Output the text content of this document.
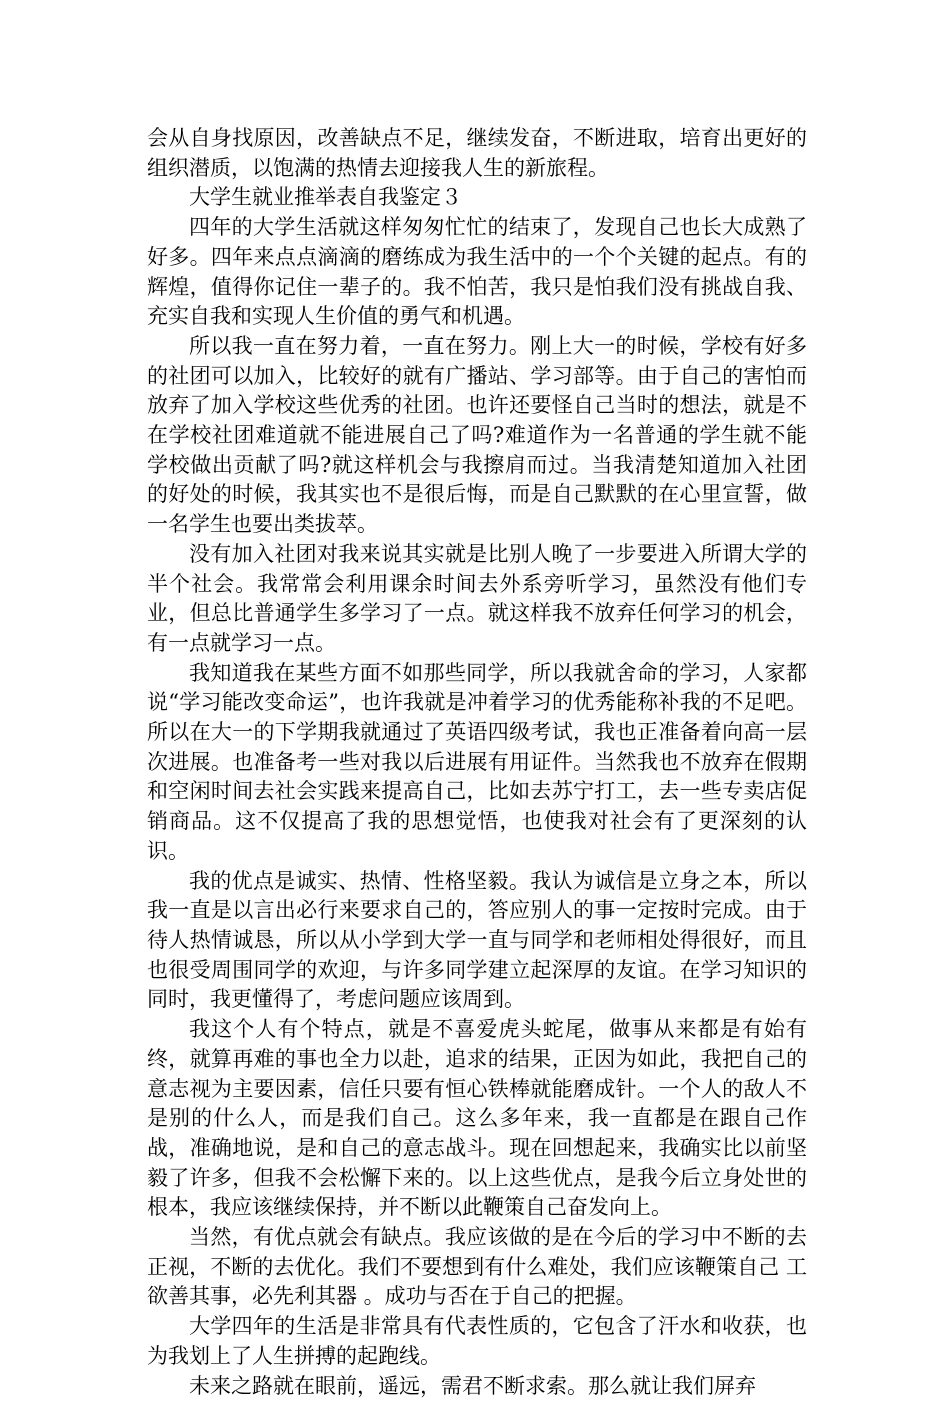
会从自身找原因，改善缺点不足，继续发奋，不断进取，培育出更好的组织潜质，以饱满的热情去迎接我人生的新旅程。

大学生就业推举表自我鉴定３

四年的大学生活就这样匆匆忙忙的结束了，发现自己也长大成熟了好多。四年来点点滴滴的磨练成为我生活中的一个个关键的起点。有的辉煌，值得你记住一辈子的。我不怕苦，我只是怕我们没有挑战自我、充实自我和实现人生价值的勇气和机遇。

所以我一直在努力着，一直在努力。刚上大一的时候，学校有好多的社团可以加入，比较好的就有广播站、学习部等。由于自己的害怕而放弃了加入学校这些优秀的社团。也许还要怪自己当时的想法，就是不在学校社团难道就不能进展自己了吗?难道作为一名普通的学生就不能学校做出贡献了吗?就这样机会与我擦肩而过。当我清楚知道加入社团的好处的时候，我其实也不是很后悔，而是自己默默的在心里宣誓，做一名学生也要出类拔萃。

没有加入社团对我来说其实就是比别人晚了一步要进入所谓大学的半个社会。我常常会利用课余时间去外系旁听学习，虽然没有他们专业，但总比普通学生多学习了一点。就这样我不放弃任何学习的机会，有一点就学习一点。

我知道我在某些方面不如那些同学，所以我就舍命的学习，人家都说“学习能改变命运”，也许我就是冲着学习的优秀能称补我的不足吧。所以在大一的下学期我就通过了英语四级考试，我也正准备着向高一层次进展。也准备考一些对我以后进展有用证件。当然我也不放弃在假期和空闲时间去社会实践来提高自己，比如去苏宁打工，去一些专卖店促销商品。这不仅提高了我的思想觉悟，也使我对社会有了更深刻的认识。

我的优点是诚实、热情、性格坚毅。我认为诚信是立身之本，所以我一直是以言出必行来要求自己的，答应别人的事一定按时完成。由于待人热情诚恳，所以从小学到大学一直与同学和老师相处得很好，而且也很受周围同学的欢迎，与许多同学建立起深厚的友谊。在学习知识的同时，我更懂得了，考虑问题应该周到。

我这个人有个特点，就是不喜爱虎头蛇尾，做事从来都是有始有终，就算再难的事也全力以赴，追求的结果，正因为如此，我把自己的意志视为主要因素，信任只要有恒心铁棒就能磨成针。一个人的敌人不是别的什么人，而是我们自己。这么多年来，我一直都是在跟自己作战，准确地说，是和自己的意志战斗。现在回想起来，我确实比以前坚毅了许多，但我不会松懈下来的。以上这些优点，是我今后立身处世的根本，我应该继续保持，并不断以此鞭策自己奋发向上。

当然，有优点就会有缺点。我应该做的是在今后的学习中不断的去正视，不断的去优化。我们不要想到有什么难处，我们应该鞭策自己 工欲善其事，必先利其器 。成功与否在于自己的把握。

大学四年的生活是非常具有代表性质的，它包含了汗水和收获，也为我划上了人生拼搏的起跑线。

未来之路就在眼前，遥远，需君不断求索。那么就让我们屏弃
